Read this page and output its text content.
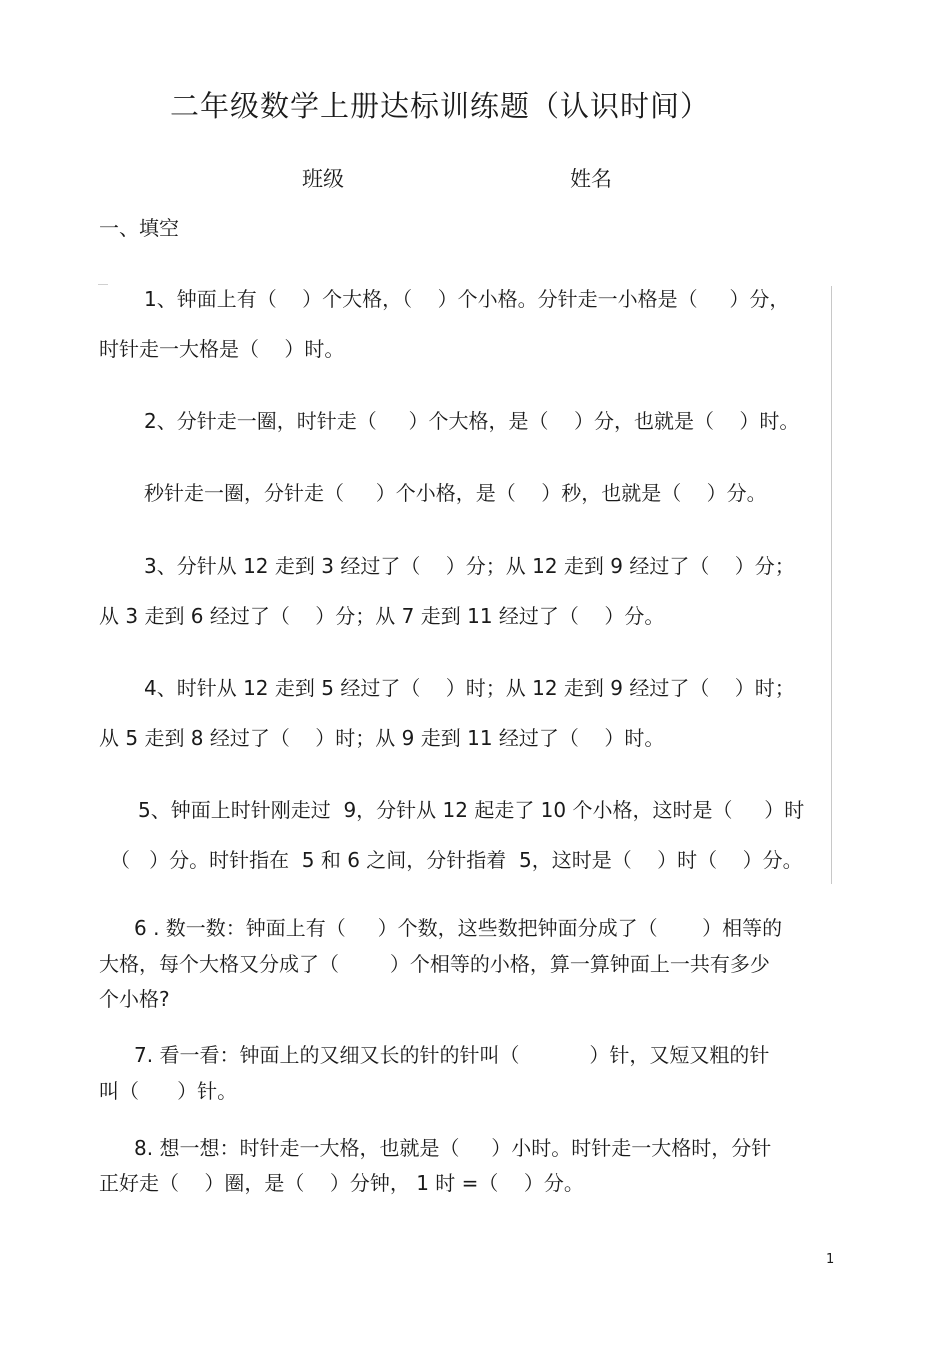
二年级数学上册达标训练题（认识时间）
班级	姓名
一、填空
1、钟面上有（    ）个大格，（    ）个小格。分针走一小格是（     ）分，
时针走一大格是（    ）时。
2、分针走一圈，时针走（     ）个大格，是（    ）分，也就是（    ）时。
秒针走一圈，分针走（     ）个小格，是（    ）秒，也就是（    ）分。
3、分针从 12 走到 3 经过了（    ）分；从 12 走到 9 经过了（    ）分；
从 3 走到 6 经过了（    ）分；从 7 走到 11 经过了（    ）分。
4、时针从 12 走到 5 经过了（    ）时；从 12 走到 9 经过了（    ）时；
从 5 走到 8 经过了（    ）时；从 9 走到 11 经过了（    ）时。
5、钟面上时针刚走过  9，分针从 12 起走了 10 个小格，这时是（     ）时
（   ）分。时针指在  5 和 6 之间，分针指着  5，这时是（    ）时（    ）分。
6 . 数一数：钟面上有（     ）个数，这些数把钟面分成了（       ）相等的
大格，每个大格又分成了（        ）个相等的小格，算一算钟面上一共有多少
个小格?
7. 看一看：钟面上的又细又长的针的针叫（           ）针，又短又粗的针
叫（      ）针。
8. 想一想：时针走一大格，也就是（     ）小时。时针走一大格时，分针
正好走（    ）圈，是（    ）分钟， 1 时 =（    ）分。
1
